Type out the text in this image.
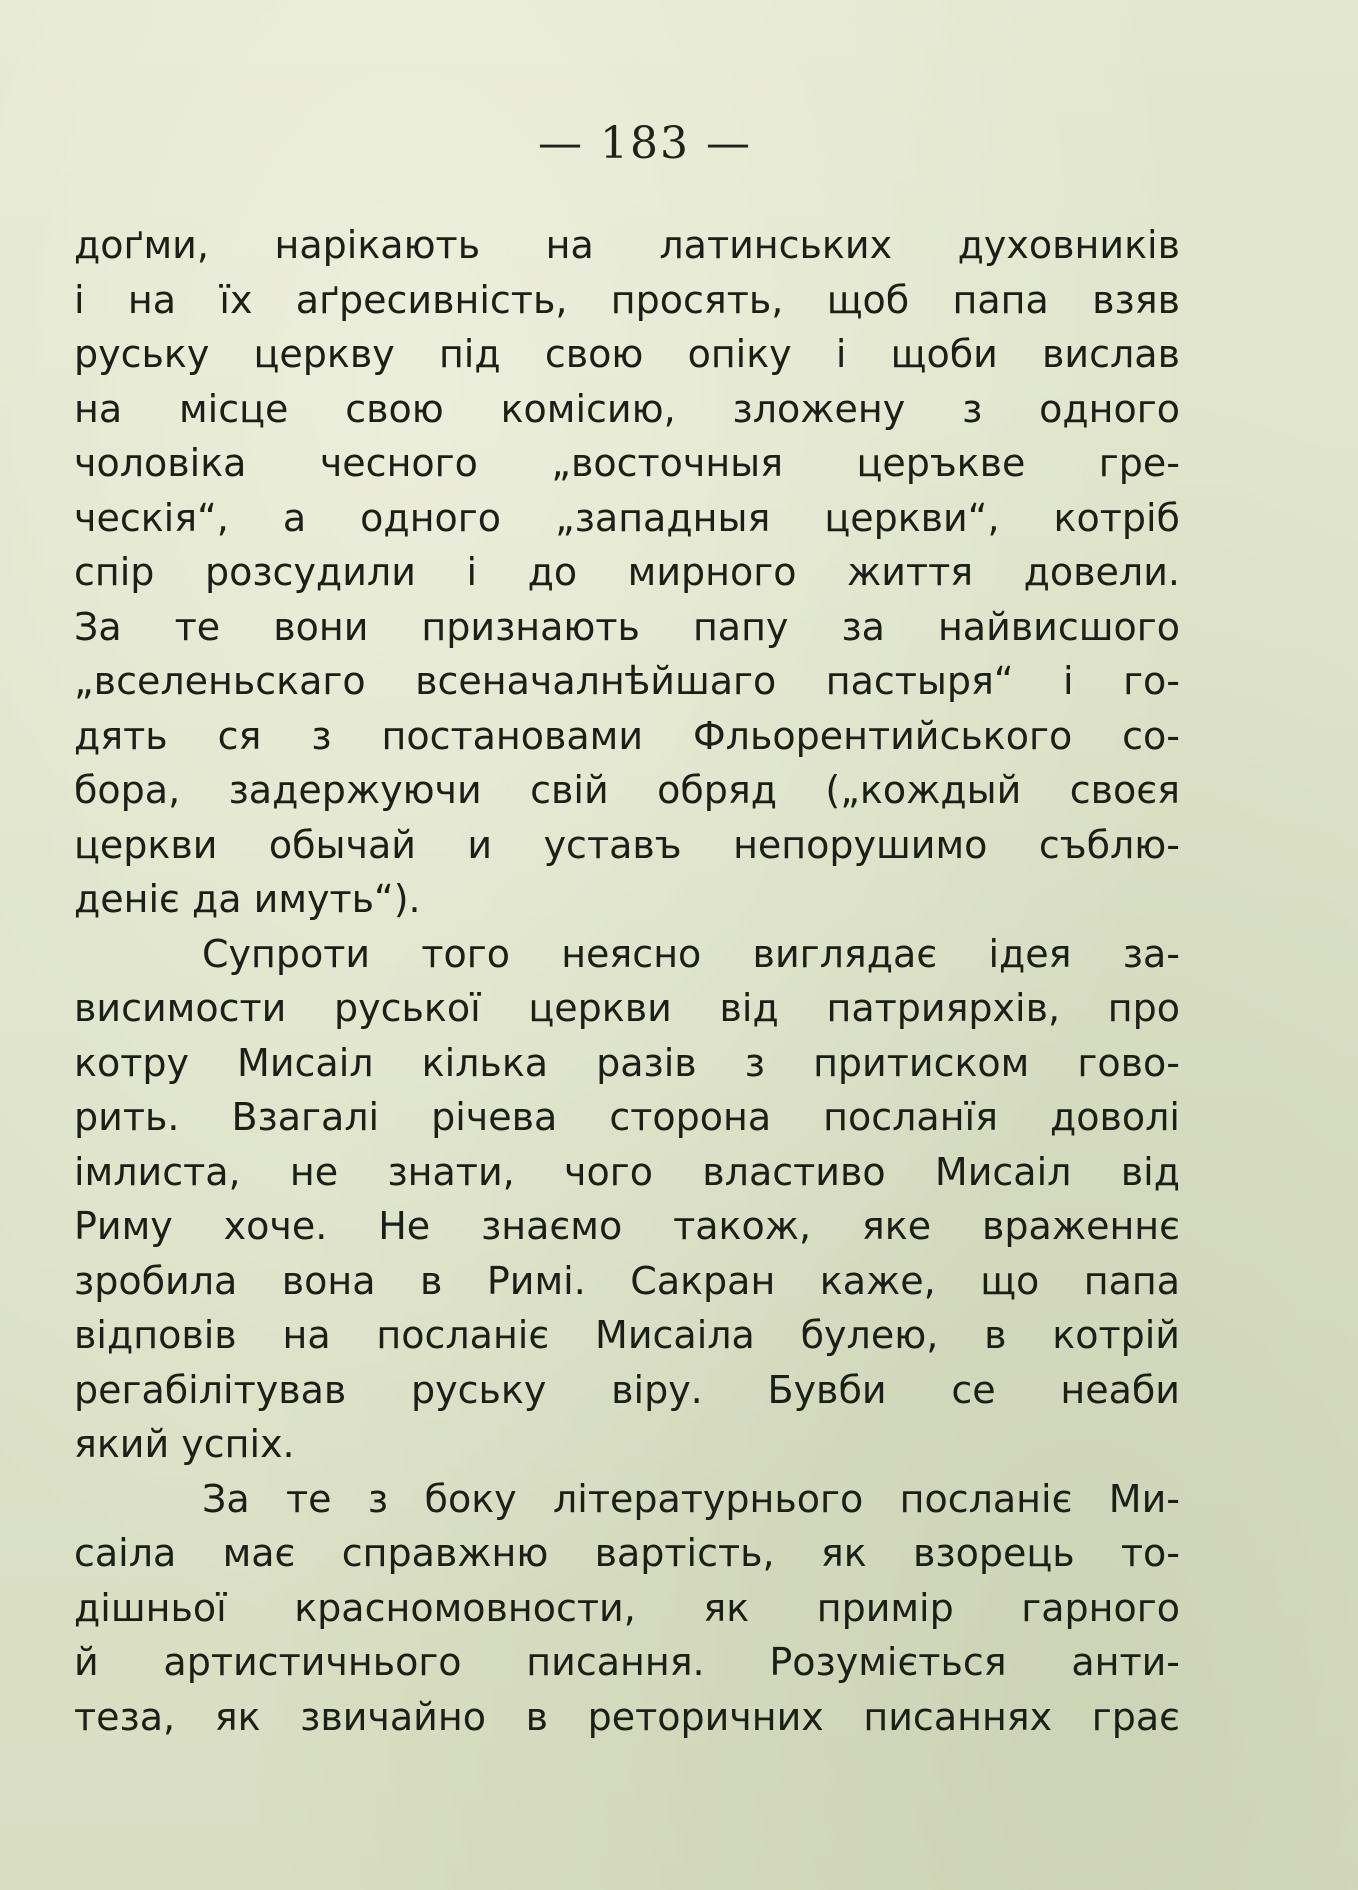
— 183 —
доґми, нарікають на латинських духовників
і на їх аґресивність, просять, щоб папа взяв
руську церкву під свою опіку і щоби вислав
на місце свою комісию, зложену з одного
чоловіка чесного „восточныя церъкве гре-
ческія“, а одного „западныя церкви“, котріб
спір розсудили і до мирного життя довели.
За те вони признають папу за найвисшого
„вселеньскаго всеначалнѣйшаго пастыря“ і го-
дять ся з постановами Фльорентийського со-
бора, задержуючи свій обряд („кождый своєя
церкви обычай и уставъ непорушимо съблю-
деніє да имуть“).
Супроти того неясно виглядає ідея за-
висимости руської церкви від патриярхів, про
котру Мисаіл кілька разів з притиском гово-
рить. Взагалі річева сторона посланїя доволі
імлиста, не знати, чого властиво Мисаіл від
Риму хоче. Не знаємо також, яке враженнє
зробила вона в Римі. Сакран каже, що папа
відповів на посланіє Мисаіла булею, в котрій
регабілітував руську віру. Бувби се неаби
який успіх.
За те з боку літературнього посланіє Ми-
саіла має справжню вартість, як взорець то-
дішньої красномовности, як примір гарного
й артистичнього писання. Розуміється анти-
теза, як звичайно в реторичних писаннях грає
